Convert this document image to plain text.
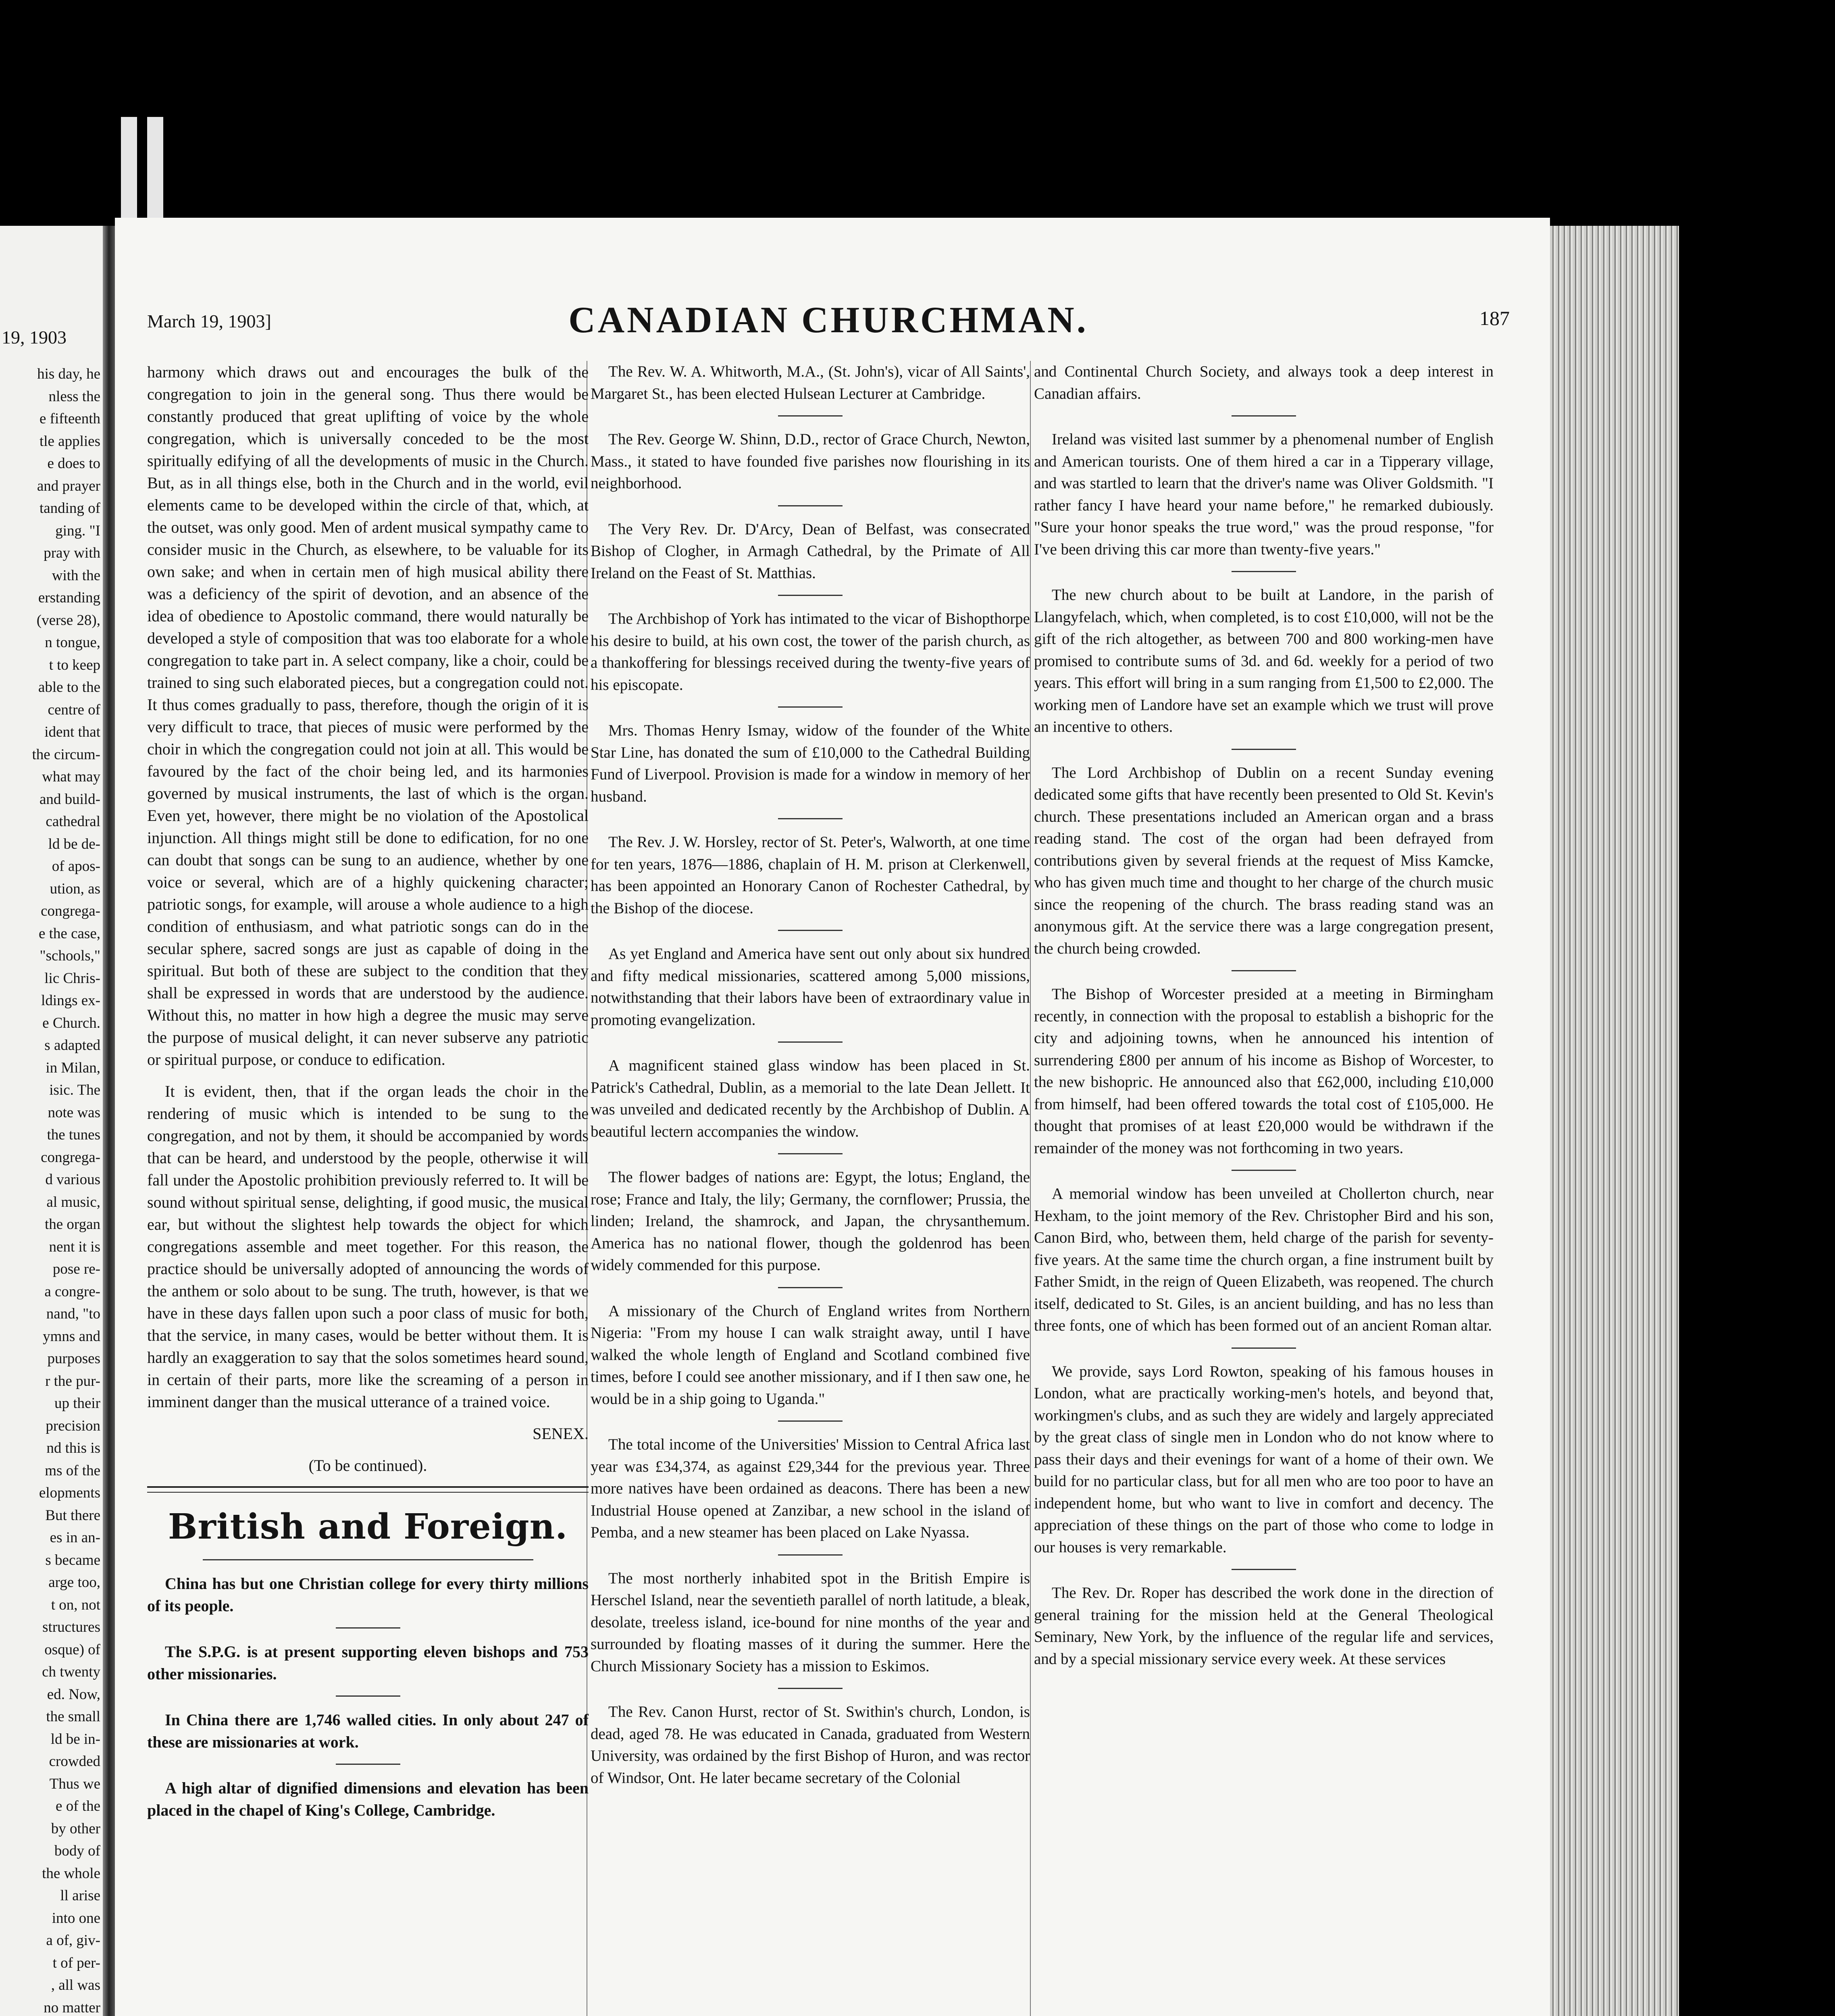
19, 1903
his day, he
nless the
e fifteenth
tle applies
e does to
and prayer
tanding of
ging. "I
pray with
with the
erstanding
(verse 28),
n tongue,
t to keep
able to the
centre of
ident that
the circum-
what may
and build-
cathedral
ld be de-
of apos-
ution, as
congrega-
e the case,
"schools,"
lic Chris-
ldings ex-
e Church.
s adapted
in Milan,
isic. The
note was
the tunes
congrega-
d various
al music,
the organ
nent it is
pose re-
a congre-
nand, "to
ymns and
purposes
r the pur-
up their
precision
nd this is
ms of the
elopments
But there
es in an-
s became
arge too,
t on, not
structures
osque) of
ch twenty
ed. Now,
the small
ld be in-
crowded
Thus we
e of the
by other
body of
the whole
ll arise
into one
a of, giv-
t of per-
, all was
no matter
March 19, 1903]	CANADIAN CHURCHMAN.	187

harmony which draws out and encourages the bulk of the congregation to join in the general song. Thus there would be constantly produced that great uplifting of voice by the whole congregation, which is universally conceded to be the most spiritually edifying of all the developments of music in the Church. But, as in all things else, both in the Church and in the world, evil elements came to be developed within the circle of that, which, at the outset, was only good. Men of ardent musical sympathy came to consider music in the Church, as elsewhere, to be valuable for its own sake; and when in certain men of high musical ability there was a deficiency of the spirit of devotion, and an absence of the idea of obedience to Apostolic command, there would naturally be developed a style of composition that was too elaborate for a whole congregation to take part in. A select company, like a choir, could be trained to sing such elaborated pieces, but a congregation could not. It thus comes gradually to pass, therefore, though the origin of it is very difficult to trace, that pieces of music were performed by the choir in which the congregation could not join at all. This would be favoured by the fact of the choir being led, and its harmonies governed by musical instruments, the last of which is the organ. Even yet, however, there might be no violation of the Apostolical injunction. All things might still be done to edification, for no one can doubt that songs can be sung to an audience, whether by one voice or several, which are of a highly quickening character; patriotic songs, for example, will arouse a whole audience to a high condition of enthusiasm, and what patriotic songs can do in the secular sphere, sacred songs are just as capable of doing in the spiritual. But both of these are subject to the condition that they shall be expressed in words that are understood by the audience. Without this, no matter in how high a degree the music may serve the purpose of musical delight, it can never subserve any patriotic or spiritual purpose, or conduce to edification.

It is evident, then, that if the organ leads the choir in the rendering of music which is intended to be sung to the congregation, and not by them, it should be accompanied by words that can be heard, and understood by the people, otherwise it will fall under the Apostolic prohibition previously referred to. It will be sound without spiritual sense, delighting, if good music, the musical ear, but without the slightest help towards the object for which congregations assemble and meet together. For this reason, the practice should be universally adopted of announcing the words of the anthem or solo about to be sung. The truth, however, is that we have in these days fallen upon such a poor class of music for both, that the service, in many cases, would be better without them. It is hardly an exaggeration to say that the solos sometimes heard sound, in certain of their parts, more like the screaming of a person in imminent danger than the musical utterance of a trained voice.

SENEX.

(To be continued).

British and Foreign.

China has but one Christian college for every thirty millions of its people.

The S.P.G. is at present supporting eleven bishops and 753 other missionaries.

In China there are 1,746 walled cities. In only about 247 of these are missionaries at work.

A high altar of dignified dimensions and elevation has been placed in the chapel of King's College, Cambridge.

The Rev. W. A. Whitworth, M.A., (St. John's), vicar of All Saints', Margaret St., has been elected Hulsean Lecturer at Cambridge.

The Rev. George W. Shinn, D.D., rector of Grace Church, Newton, Mass., it stated to have founded five parishes now flourishing in its neighborhood.

The Very Rev. Dr. D'Arcy, Dean of Belfast, was consecrated Bishop of Clogher, in Armagh Cathedral, by the Primate of All Ireland on the Feast of St. Matthias.

The Archbishop of York has intimated to the vicar of Bishopthorpe his desire to build, at his own cost, the tower of the parish church, as a thankoffering for blessings received during the twenty-five years of his episcopate.

Mrs. Thomas Henry Ismay, widow of the founder of the White Star Line, has donated the sum of £10,000 to the Cathedral Building Fund of Liverpool. Provision is made for a window in memory of her husband.

The Rev. J. W. Horsley, rector of St. Peter's, Walworth, at one time for ten years, 1876—1886, chaplain of H. M. prison at Clerkenwell, has been appointed an Honorary Canon of Rochester Cathedral, by the Bishop of the diocese.

As yet England and America have sent out only about six hundred and fifty medical missionaries, scattered among 5,000 missions, notwithstanding that their labors have been of extraordinary value in promoting evangelization.

A magnificent stained glass window has been placed in St. Patrick's Cathedral, Dublin, as a memorial to the late Dean Jellett. It was unveiled and dedicated recently by the Archbishop of Dublin. A beautiful lectern accompanies the window.

The flower badges of nations are: Egypt, the lotus; England, the rose; France and Italy, the lily; Germany, the cornflower; Prussia, the linden; Ireland, the shamrock, and Japan, the chrysanthemum. America has no national flower, though the goldenrod has been widely commended for this purpose.

A missionary of the Church of England writes from Northern Nigeria: "From my house I can walk straight away, until I have walked the whole length of England and Scotland combined five times, before I could see another missionary, and if I then saw one, he would be in a ship going to Uganda."

The total income of the Universities' Mission to Central Africa last year was £34,374, as against £29,344 for the previous year. Three more natives have been ordained as deacons. There has been a new Industrial House opened at Zanzibar, a new school in the island of Pemba, and a new steamer has been placed on Lake Nyassa.

The most northerly inhabited spot in the British Empire is Herschel Island, near the seventieth parallel of north latitude, a bleak, desolate, treeless island, ice-bound for nine months of the year and surrounded by floating masses of it during the summer. Here the Church Missionary Society has a mission to Eskimos.

The Rev. Canon Hurst, rector of St. Swithin's church, London, is dead, aged 78. He was educated in Canada, graduated from Western University, was ordained by the first Bishop of Huron, and was rector of Windsor, Ont. He later became secretary of the Colonial

and Continental Church Society, and always took a deep interest in Canadian affairs.

Ireland was visited last summer by a phenomenal number of English and American tourists. One of them hired a car in a Tipperary village, and was startled to learn that the driver's name was Oliver Goldsmith. "I rather fancy I have heard your name before," he remarked dubiously. "Sure your honor speaks the true word," was the proud response, "for I've been driving this car more than twenty-five years."

The new church about to be built at Landore, in the parish of Llangyfelach, which, when completed, is to cost £10,000, will not be the gift of the rich altogether, as between 700 and 800 working-men have promised to contribute sums of 3d. and 6d. weekly for a period of two years. This effort will bring in a sum ranging from £1,500 to £2,000. The working men of Landore have set an example which we trust will prove an incentive to others.

The Lord Archbishop of Dublin on a recent Sunday evening dedicated some gifts that have recently been presented to Old St. Kevin's church. These presentations included an American organ and a brass reading stand. The cost of the organ had been defrayed from contributions given by several friends at the request of Miss Kamcke, who has given much time and thought to her charge of the church music since the reopening of the church. The brass reading stand was an anonymous gift. At the service there was a large congregation present, the church being crowded.

The Bishop of Worcester presided at a meeting in Birmingham recently, in connection with the proposal to establish a bishopric for the city and adjoining towns, when he announced his intention of surrendering £800 per annum of his income as Bishop of Worcester, to the new bishopric. He announced also that £62,000, including £10,000 from himself, had been offered towards the total cost of £105,000. He thought that promises of at least £20,000 would be withdrawn if the remainder of the money was not forthcoming in two years.

A memorial window has been unveiled at Chollerton church, near Hexham, to the joint memory of the Rev. Christopher Bird and his son, Canon Bird, who, between them, held charge of the parish for seventy-five years. At the same time the church organ, a fine instrument built by Father Smidt, in the reign of Queen Elizabeth, was reopened. The church itself, dedicated to St. Giles, is an ancient building, and has no less than three fonts, one of which has been formed out of an ancient Roman altar.

We provide, says Lord Rowton, speaking of his famous houses in London, what are practically working-men's hotels, and beyond that, workingmen's clubs, and as such they are widely and largely appreciated by the great class of single men in London who do not know where to pass their days and their evenings for want of a home of their own. We build for no particular class, but for all men who are too poor to have an independent home, but who want to live in comfort and decency. The appreciation of these things on the part of those who come to lodge in our houses is very remarkable.

The Rev. Dr. Roper has described the work done in the direction of general training for the mission held at the General Theological Seminary, New York, by the influence of the regular life and services, and by a special missionary service every week. At these services
